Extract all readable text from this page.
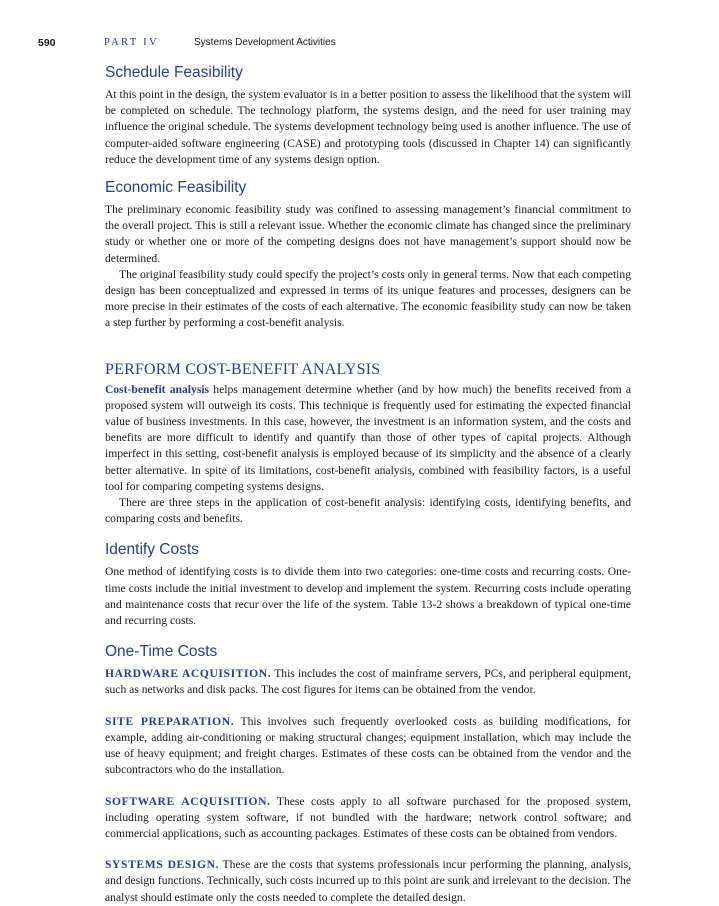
590	PART IV	Systems Development Activities
Schedule Feasibility

At this point in the design, the system evaluator is in a better position to assess the likelihood that the system will be completed on schedule. The technology platform, the systems design, and the need for user training may influence the original schedule. The systems development technology being used is another influence. The use of computer-aided software engineering (CASE) and prototyping tools (discussed in Chapter 14) can significantly reduce the development time of any systems design option.

Economic Feasibility

The preliminary economic feasibility study was confined to assessing management’s financial commitment to the overall project. This is still a relevant issue. Whether the economic climate has changed since the preliminary study or whether one or more of the competing designs does not have management’s support should now be determined.

The original feasibility study could specify the project’s costs only in general terms. Now that each competing design has been conceptualized and expressed in terms of its unique features and processes, designers can be more precise in their estimates of the costs of each alternative. The economic feasibility study can now be taken a step further by performing a cost-benefit analysis.

PERFORM COST-BENEFIT ANALYSIS

Cost-benefit analysis helps management determine whether (and by how much) the benefits received from a proposed system will outweigh its costs. This technique is frequently used for estimating the expected financial value of business investments. In this case, however, the investment is an information system, and the costs and benefits are more difficult to identify and quantify than those of other types of capital projects. Although imperfect in this setting, cost-benefit analysis is employed because of its simplicity and the absence of a clearly better alternative. In spite of its limitations, cost-benefit analysis, combined with feasibility factors, is a useful tool for comparing competing systems designs.

There are three steps in the application of cost-benefit analysis: identifying costs, identifying benefits, and comparing costs and benefits.

Identify Costs

One method of identifying costs is to divide them into two categories: one-time costs and recurring costs. One-time costs include the initial investment to develop and implement the system. Recurring costs include operating and maintenance costs that recur over the life of the system. Table 13-2 shows a breakdown of typical one-time and recurring costs.

One-Time Costs

HARDWARE ACQUISITION. This includes the cost of mainframe servers, PCs, and peripheral equipment, such as networks and disk packs. The cost figures for items can be obtained from the vendor.

SITE PREPARATION. This involves such frequently overlooked costs as building modifications, for example, adding air-conditioning or making structural changes; equipment installation, which may include the use of heavy equipment; and freight charges. Estimates of these costs can be obtained from the vendor and the subcontractors who do the installation.

SOFTWARE ACQUISITION. These costs apply to all software purchased for the proposed system, including operating system software, if not bundled with the hardware; network control software; and commercial applications, such as accounting packages. Estimates of these costs can be obtained from vendors.

SYSTEMS DESIGN. These are the costs that systems professionals incur performing the planning, analysis, and design functions. Technically, such costs incurred up to this point are sunk and irrelevant to the decision. The analyst should estimate only the costs needed to complete the detailed design.
